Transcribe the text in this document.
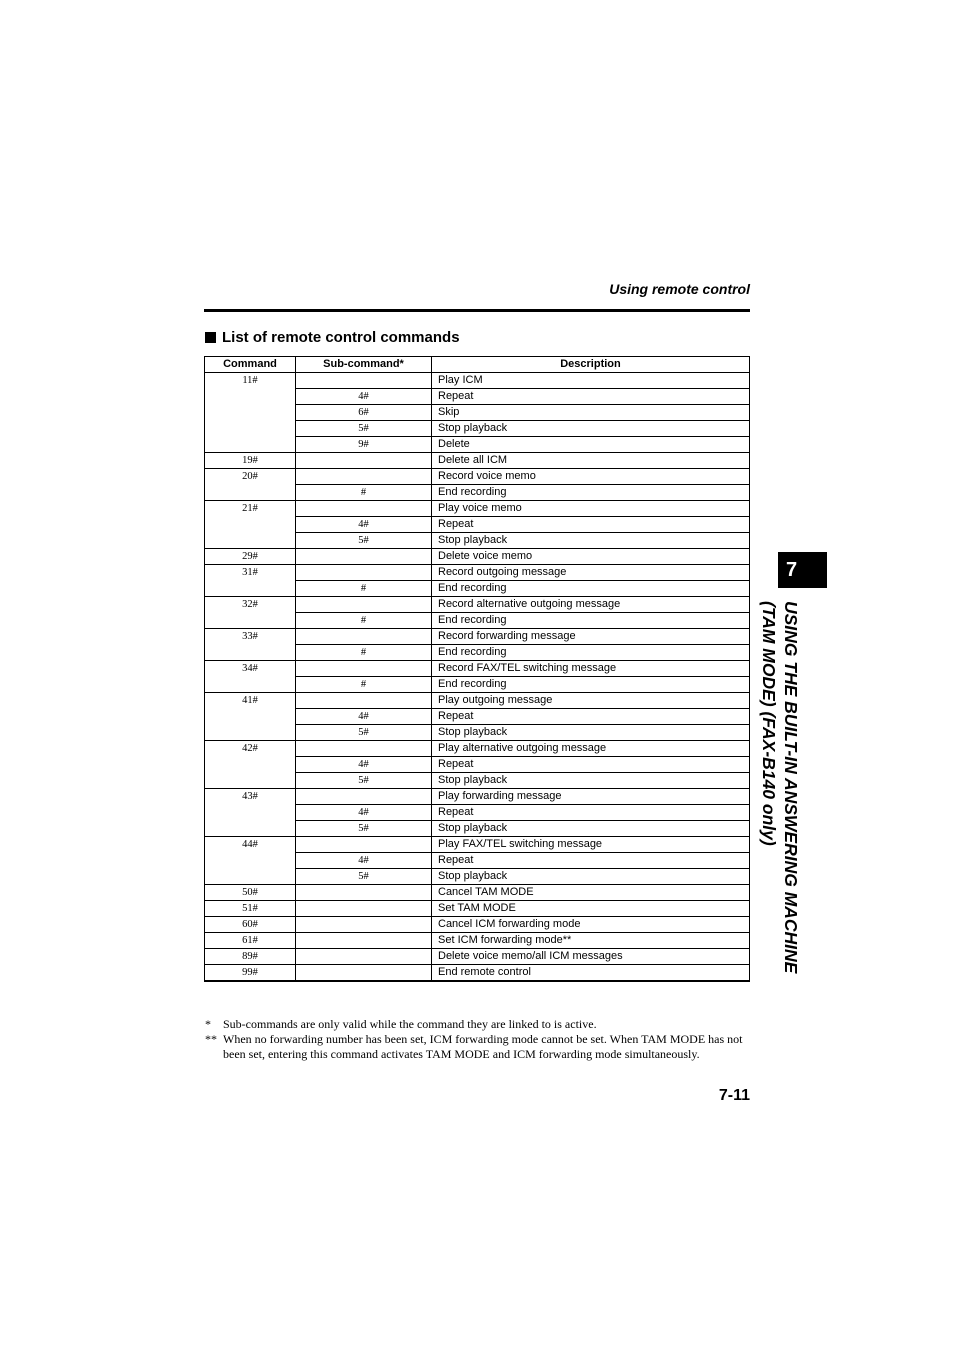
Using remote control
List of remote control commands
Command	Sub-command*	Description
11#		Play ICM
	4#	Repeat
	6#	Skip
	5#	Stop playback
	9#	Delete
19#		Delete all ICM
20#		Record voice memo
	#	End recording
21#		Play voice memo
	4#	Repeat
	5#	Stop playback
29#		Delete voice memo
31#		Record outgoing message
	#	End recording
32#		Record alternative outgoing message
	#	End recording
33#		Record forwarding message
	#	End recording
34#		Record FAX/TEL switching message
	#	End recording
41#		Play outgoing message
	4#	Repeat
	5#	Stop playback
42#		Play alternative outgoing message
	4#	Repeat
	5#	Stop playback
43#		Play forwarding message
	4#	Repeat
	5#	Stop playback
44#		Play FAX/TEL switching message
	4#	Repeat
	5#	Stop playback
50#		Cancel TAM MODE
51#		Set TAM MODE
60#		Cancel ICM forwarding mode
61#		Set ICM forwarding mode**
89#		Delete voice memo/all ICM messages
99#		End remote control
*	Sub-commands are only valid while the command they are linked to is active.
** When no forwarding number has been set, ICM forwarding mode cannot be set. When TAM MODE has not been set, entering this command activates TAM MODE and ICM forwarding mode simultaneously.
7-11
7
USING THE BUILT-IN ANSWERING MACHINE
(TAM MODE) (FAX-B140 only)
